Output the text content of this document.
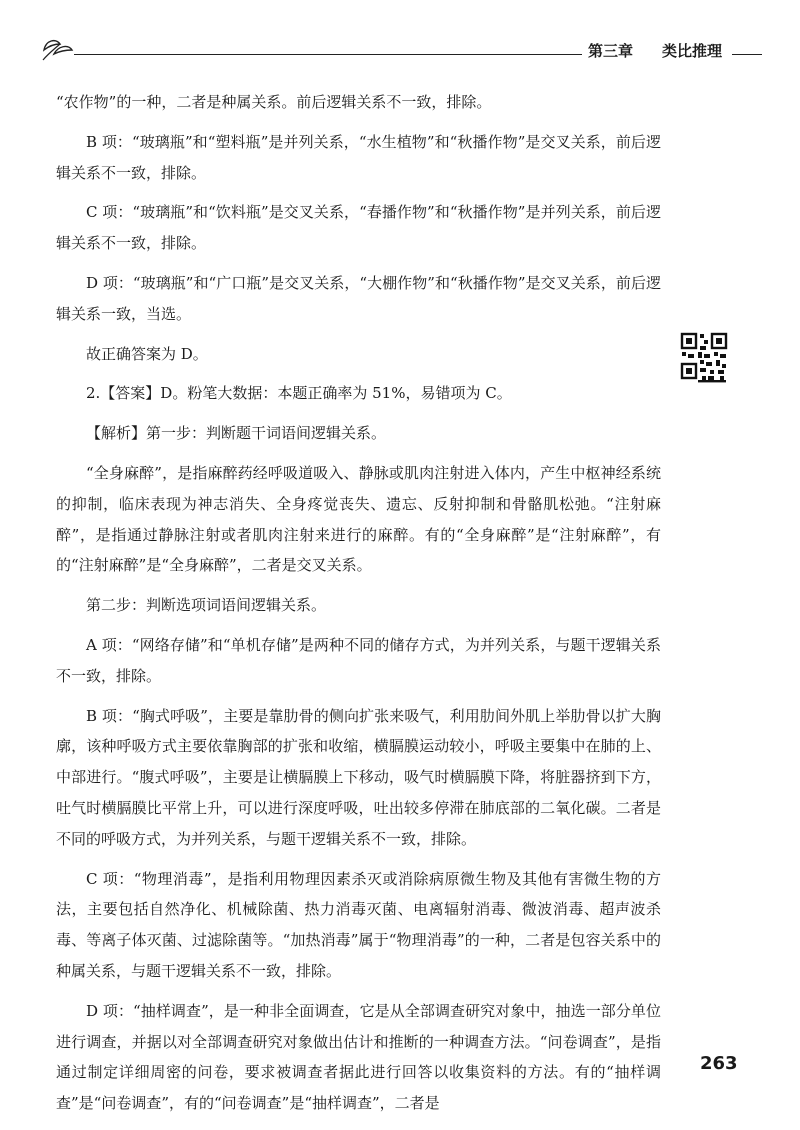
第三章 类比推理

“农作物”的一种，二者是种属关系。前后逻辑关系不一致，排除。

B 项：“玻璃瓶”和“塑料瓶”是并列关系，“水生植物”和“秋播作物”是交叉关系，前后逻辑关系不一致，排除。

C 项：“玻璃瓶”和“饮料瓶”是交叉关系，“春播作物”和“秋播作物”是并列关系，前后逻辑关系不一致，排除。

D 项：“玻璃瓶”和“广口瓶”是交叉关系，“大棚作物”和“秋播作物”是交叉关系，前后逻辑关系一致，当选。

故正确答案为 D。

2.【答案】D。粉笔大数据：本题正确率为 51%，易错项为 C。

【解析】第一步：判断题干词语间逻辑关系。

“全身麻醉”，是指麻醉药经呼吸道吸入、静脉或肌肉注射进入体内，产生中枢神经系统的抑制，临床表现为神志消失、全身疼觉丧失、遗忘、反射抑制和骨骼肌松弛。“注射麻醉”，是指通过静脉注射或者肌肉注射来进行的麻醉。有的“全身麻醉”是“注射麻醉”，有的“注射麻醉”是“全身麻醉”，二者是交叉关系。

第二步：判断选项词语间逻辑关系。

A 项：“网络存储”和“单机存储”是两种不同的储存方式，为并列关系，与题干逻辑关系不一致，排除。

B 项：“胸式呼吸”，主要是靠肋骨的侧向扩张来吸气，利用肋间外肌上举肋骨以扩大胸廓，该种呼吸方式主要依靠胸部的扩张和收缩，横膈膜运动较小，呼吸主要集中在肺的上、中部进行。“腹式呼吸”，主要是让横膈膜上下移动，吸气时横膈膜下降，将脏器挤到下方，吐气时横膈膜比平常上升，可以进行深度呼吸，吐出较多停滞在肺底部的二氧化碳。二者是不同的呼吸方式，为并列关系，与题干逻辑关系不一致，排除。

C 项：“物理消毒”，是指利用物理因素杀灭或消除病原微生物及其他有害微生物的方法，主要包括自然净化、机械除菌、热力消毒灭菌、电离辐射消毒、微波消毒、超声波杀毒、等离子体灭菌、过滤除菌等。“加热消毒”属于“物理消毒”的一种，二者是包容关系中的种属关系，与题干逻辑关系不一致，排除。

D 项：“抽样调查”，是一种非全面调查，它是从全部调查研究对象中，抽选一部分单位进行调查，并据以对全部调查研究对象做出估计和推断的一种调查方法。“问卷调查”，是指通过制定详细周密的问卷，要求被调查者据此进行回答以收集资料的方法。有的“抽样调查”是“问卷调查”，有的“问卷调查”是“抽样调查”，二者是

263
